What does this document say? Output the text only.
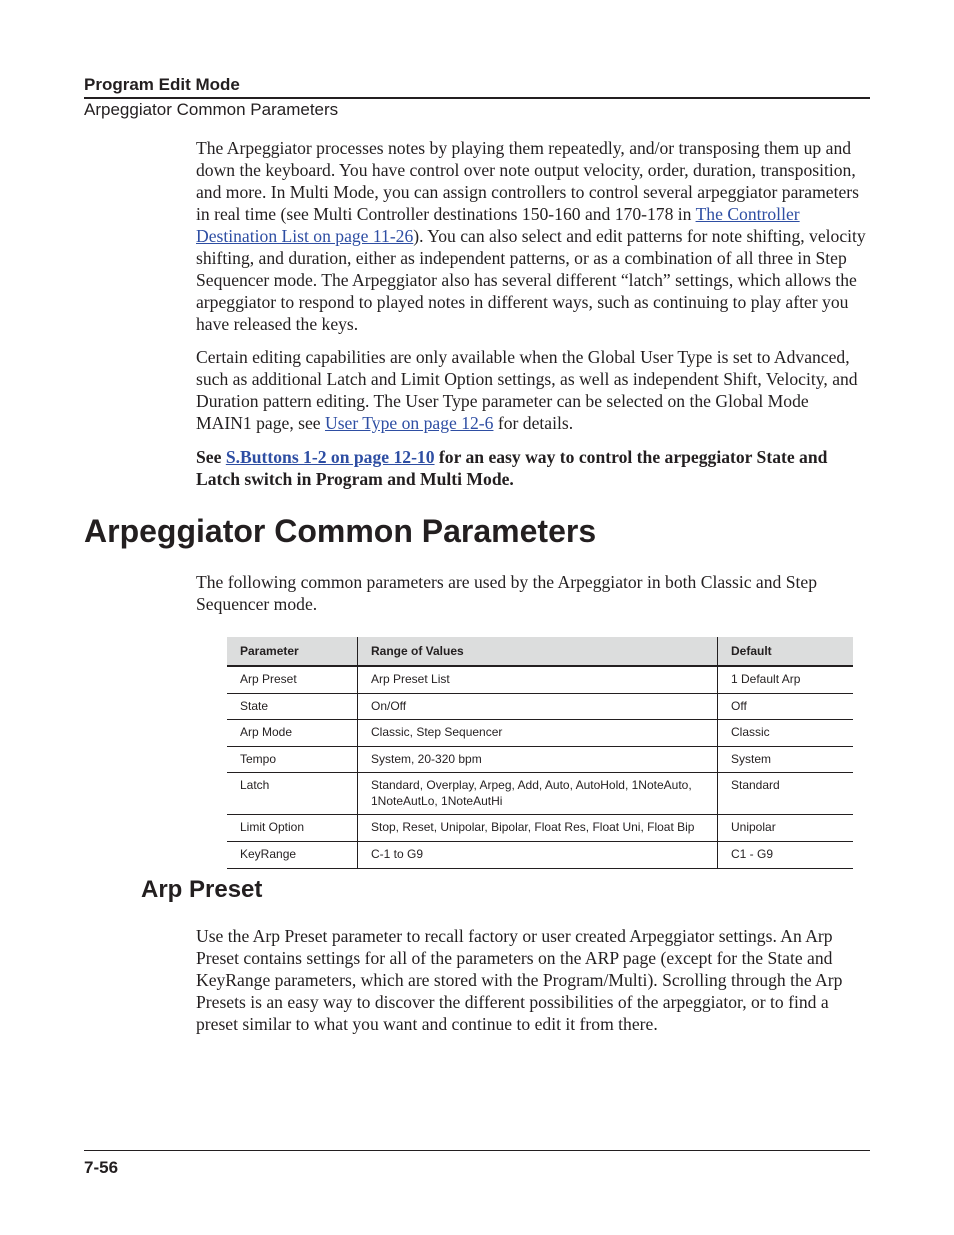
Program Edit Mode
Arpeggiator Common Parameters

The Arpeggiator processes notes by playing them repeatedly, and/or transposing them up and down the keyboard. You have control over note output velocity, order, duration, transposition, and more. In Multi Mode, you can assign controllers to control several arpeggiator parameters in real time (see Multi Controller destinations 150-160 and 170-178 in The Controller Destination List on page 11-26). You can also select and edit patterns for note shifting, velocity shifting, and duration, either as independent patterns, or as a combination of all three in Step Sequencer mode. The Arpeggiator also has several different “latch” settings, which allows the arpeggiator to respond to played notes in different ways, such as continuing to play after you have released the keys.

Certain editing capabilities are only available when the Global User Type is set to Advanced, such as additional Latch and Limit Option settings, as well as independent Shift, Velocity, and Duration pattern editing. The User Type parameter can be selected on the Global Mode MAIN1 page, see User Type on page 12-6 for details.

See S.Buttons 1-2 on page 12-10 for an easy way to control the arpeggiator State and Latch switch in Program and Multi Mode.

Arpeggiator Common Parameters

The following common parameters are used by the Arpeggiator in both Classic and Step Sequencer mode.

Parameter	Range of Values	Default
Arp Preset	Arp Preset List	1 Default Arp
State	On/Off	Off
Arp Mode	Classic, Step Sequencer	Classic
Tempo	System, 20-320 bpm	System
Latch	Standard, Overplay, Arpeg, Add, Auto, AutoHold, 1NoteAuto, 1NoteAutLo, 1NoteAutHi	Standard
Limit Option	Stop, Reset, Unipolar, Bipolar, Float Res, Float Uni, Float Bip	Unipolar
KeyRange	C-1 to G9	C1 - G9
Arp Preset

Use the Arp Preset parameter to recall factory or user created Arpeggiator settings. An Arp Preset contains settings for all of the parameters on the ARP page (except for the State and KeyRange parameters, which are stored with the Program/Multi). Scrolling through the Arp Presets is an easy way to discover the different possibilities of the arpeggiator, or to find a preset similar to what you want and continue to edit it from there.

7-56
